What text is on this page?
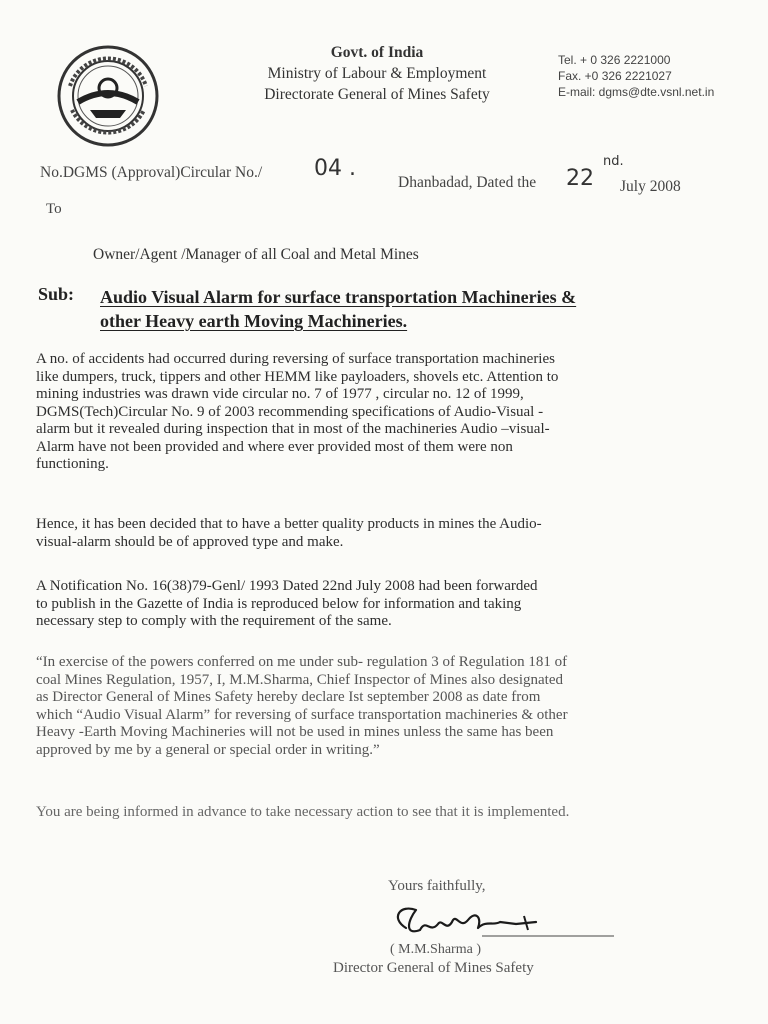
Govt. of India
Ministry of Labour & Employment
Directorate General of Mines Safety
Tel. + 0 326 2221000
Fax. +0 326 2221027
E-mail: dgms@dte.vsnl.net.in
No.DGMS (Approval)Circular No./ 04 .
Dhanbadad, Dated the 22
nd.
July 2008
To
Owner/Agent /Manager of all Coal and Metal Mines
Sub: Audio Visual Alarm for surface transportation Machineries &
other Heavy earth Moving Machineries.
A no. of accidents had occurred during reversing of surface transportation machineries
like dumpers, truck, tippers and other HEMM like payloaders, shovels etc. Attention to
mining industries was drawn vide circular no. 7 of 1977 , circular no. 12 of 1999,
DGMS(Tech)Circular No. 9 of 2003 recommending specifications of Audio-Visual -
alarm but it revealed during inspection that in most of the machineries Audio –visual-
Alarm have not been provided and where ever provided most of them were non
functioning.
Hence, it has been decided that to have a better quality products in mines the Audio-
visual-alarm should be of approved type and make.
A Notification No. 16(38)79-Genl/ 1993 Dated 22nd July 2008 had been forwarded
to publish in the Gazette of India is reproduced below for information and taking
necessary step to comply with the requirement of the same.
“In exercise of the powers conferred on me under sub- regulation 3 of Regulation 181 of
coal Mines Regulation, 1957, I, M.M.Sharma, Chief Inspector of Mines also designated
as Director General of Mines Safety hereby declare Ist september 2008 as date from
which “Audio Visual Alarm” for reversing of surface transportation machineries & other
Heavy -Earth Moving Machineries will not be used in mines unless the same has been
approved by me by a general or special order in writing.”
You are being informed in advance to take necessary action to see that it is implemented.
Yours faithfully,
( M.M.Sharma )
Director General of Mines Safety
